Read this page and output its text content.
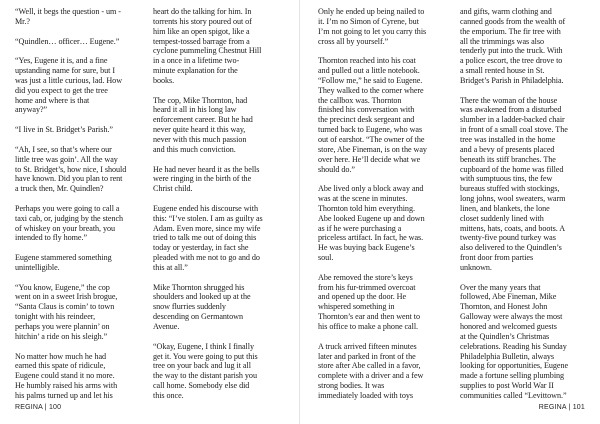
“Well, it begs the question - um -
Mr.?

“Quindlen… officer… Eugene.”

“Yes, Eugene it is, and a fine
upstanding name for sure, but I
was just a little curious, lad. How
did you expect to get the tree
home and where is that
anyway?”

“I live in St. Bridget’s Parish.”

“Ah, I see, so that’s where our
little tree was goin’. All the way
to St. Bridget’s, how nice, I should
have known. Did you plan to rent
a truck then, Mr. Quindlen?

Perhaps you were going to call a
taxi cab, or, judging by the stench
of whiskey on your breath, you
intended to fly home.”

Eugene stammered something
unintelligible.

“You know, Eugene,” the cop
went on in a sweet Irish brogue,
“Santa Claus is comin’ to town
tonight with his reindeer,
perhaps you were plannin’ on
hitchin’ a ride on his sleigh.”

No matter how much he had
earned this spate of ridicule,
Eugene could stand it no more.
He humbly raised his arms with
his palms turned up and let his

heart do the talking for him. In
torrents his story poured out of
him like an open spigot, like a
tempest-tossed barrage from a
cyclone pummeling Chestnut Hill
in a once in a lifetime two-
minute explanation for the
books.

The cop, Mike Thornton, had
heard it all in his long law
enforcement career. But he had
never quite heard it this way,
never with this much passion
and this much conviction.

He had never heard it as the bells
were ringing in the birth of the
Christ child.

Eugene ended his discourse with
this: “I’ve stolen. I am as guilty as
Adam. Even more, since my wife
tried to talk me out of doing this
today or yesterday, in fact she
pleaded with me not to go and do
this at all.”

Mike Thornton shrugged his
shoulders and looked up at the
snow flurries suddenly
descending on Germantown
Avenue.

“Okay, Eugene, I think I finally
get it. You were going to put this
tree on your back and lug it all
the way to the distant parish you
call home. Somebody else did
this once.

REGINA | 100

Only he ended up being nailed to
it. I’m no Simon of Cyrene, but
I’m not going to let you carry this
cross all by yourself.”

Thornton reached into his coat
and pulled out a little notebook.
“Follow me,” he said to Eugene.
They walked to the corner where
the callbox was. Thornton
finished his conversation with
the precinct desk sergeant and
turned back to Eugene, who was
out of earshot. “The owner of the
store, Abe Fineman, is on the way
over here. He’ll decide what we
should do.”

Abe lived only a block away and
was at the scene in minutes.
Thornton told him everything.
Abe looked Eugene up and down
as if he were purchasing a
priceless artifact. In fact, he was.
He was buying back Eugene’s
soul.

Abe removed the store’s keys
from his fur-trimmed overcoat
and opened up the door. He
whispered something in
Thornton’s ear and then went to
his office to make a phone call.

A truck arrived fifteen minutes
later and parked in front of the
store after Abe called in a favor,
complete with a driver and a few
strong bodies. It was
immediately loaded with toys

and gifts, warm clothing and
canned goods from the wealth of
the emporium. The fir tree with
all the trimmings was also
tenderly put into the truck. With
a police escort, the tree drove to
a small rented house in St.
Bridget’s Parish in Philadelphia.

There the woman of the house
was awakened from a disturbed
slumber in a ladder-backed chair
in front of a small coal stove. The
tree was installed in the home
and a bevy of presents placed
beneath its stiff branches. The
cupboard of the home was filled
with sumptuous tins, the few
bureaus stuffed with stockings,
long johns, wool sweaters, warm
linen, and blankets, the lone
closet suddenly lined with
mittens, hats, coats, and boots. A
twenty-five pound turkey was
also delivered to the Quindlen’s
front door from parties
unknown.

Over the many years that
followed, Abe Fineman, Mike
Thornton, and Honest John
Galloway were always the most
honored and welcomed guests
at the Quindlen’s Christmas
celebrations. Reading his Sunday
Philadelphia Bulletin, always
looking for opportunities, Eugene
made a fortune selling plumbing
supplies to post World War II
communities called “Levittown.”

REGINA | 101
